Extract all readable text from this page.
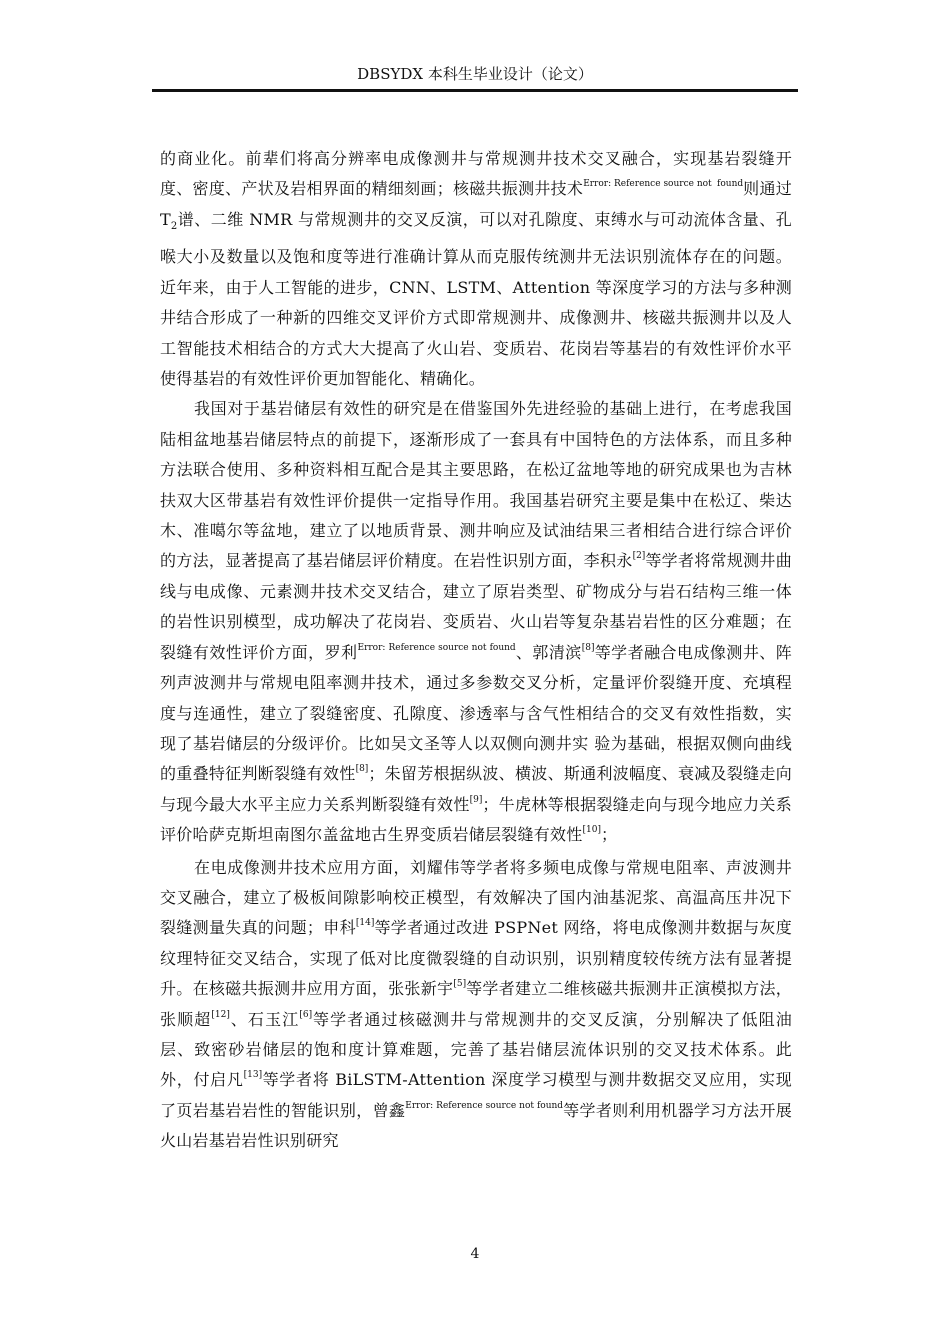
DBSYDX 本科生毕业设计（论文）

的商业化。前辈们将高分辨率电成像测井与常规测井技术交叉融合，实现基岩裂缝开度、密度、产状及岩相界面的精细刻画；核磁共振测井技术$^{Error: Reference source not}$ $^{found}$则通过 $T_2$谱、二维 NMR 与常规测井的交叉反演，可以对孔隙度、束缚水与可动流体含量、孔喉大小及数量以及饱和度等进行准确计算从而克服传统测井无法识别流体存在的问题。近年来，由于人工智能的进步，CNN、LSTM、Attention 等深度学习的方法与多种测井结合形成了一种新的四维交叉评价方式即常规测井、成像测井、核磁共振测井以及人工智能技术相结合的方式大大提高了火山岩、变质岩、花岗岩等基岩的有效性评价水平使得基岩的有效性评价更加智能化、精确化。

我国对于基岩储层有效性的研究是在借鉴国外先进经验的基础上进行，在考虑我国陆相盆地基岩储层特点的前提下，逐渐形成了一套具有中国特色的方法体系，而且多种方法联合使用、多种资料相互配合是其主要思路，在松辽盆地等地的研究成果也为吉林扶双大区带基岩有效性评价提供一定指导作用。我国基岩研究主要是集中在松辽、柴达木、准噶尔等盆地，建立了以地质背景、测井响应及试油结果三者相结合进行综合评价的方法，显著提高了基岩储层评价精度。在岩性识别方面，李积永[2]等学者将常规测井曲线与电成像、元素测井技术交叉结合，建立了原岩类型、矿物成分与岩石结构三维一体的岩性识别模型，成功解决了花岗岩、变质岩、火山岩等复杂基岩岩性的区分难题；在裂缝有效性评价方面，罗利$^{Error: Reference source not found}$、郭清滨[8]等学者融合电成像测井、阵列声波测井与常规电阻率测井技术，通过多参数交叉分析，定量评价裂缝开度、充填程度与连通性，建立了裂缝密度、孔隙度、渗透率与含气性相结合的交叉有效性指数，实现了基岩储层的分级评价。比如吴文圣等人以双侧向测井实 验为基础，根据双侧向曲线的重叠特征判断裂缝有效性[8]；朱留芳根据纵波、横波、斯通利波幅度、衰减及裂缝走向与现今最大水平主应力关系判断裂缝有效性[9]；牛虎林等根据裂缝走向与现今地应力关系评价哈萨克斯坦南图尔盖盆地古生界变质岩储层裂缝有效性[10]；

在电成像测井技术应用方面，刘耀伟等学者将多频电成像与常规电阻率、声波测井交叉融合，建立了极板间隙影响校正模型，有效解决了国内油基泥浆、高温高压井况下裂缝测量失真的问题；申科[14]等学者通过改进 PSPNet 网络，将电成像测井数据与灰度纹理特征交叉结合，实现了低对比度微裂缝的自动识别，识别精度较传统方法有显著提升。在核磁共振测井应用方面，张张新宇[5]等学者建立二维核磁共振测井正演模拟方法，张顺超[12]、石玉江[6]等学者通过核磁测井与常规测井的交叉反演，分别解决了低阻油层、致密砂岩储层的饱和度计算难题，完善了基岩储层流体识别的交叉技术体系。此外，付启凡[13]等学者将 BiLSTM-Attention 深度学习模型与测井数据交叉应用，实现了页岩基岩岩性的智能识别，曾鑫$^{Error: Reference source not found}$等学者则利用机器学习方法开展火山岩基岩岩性识别研究

4
